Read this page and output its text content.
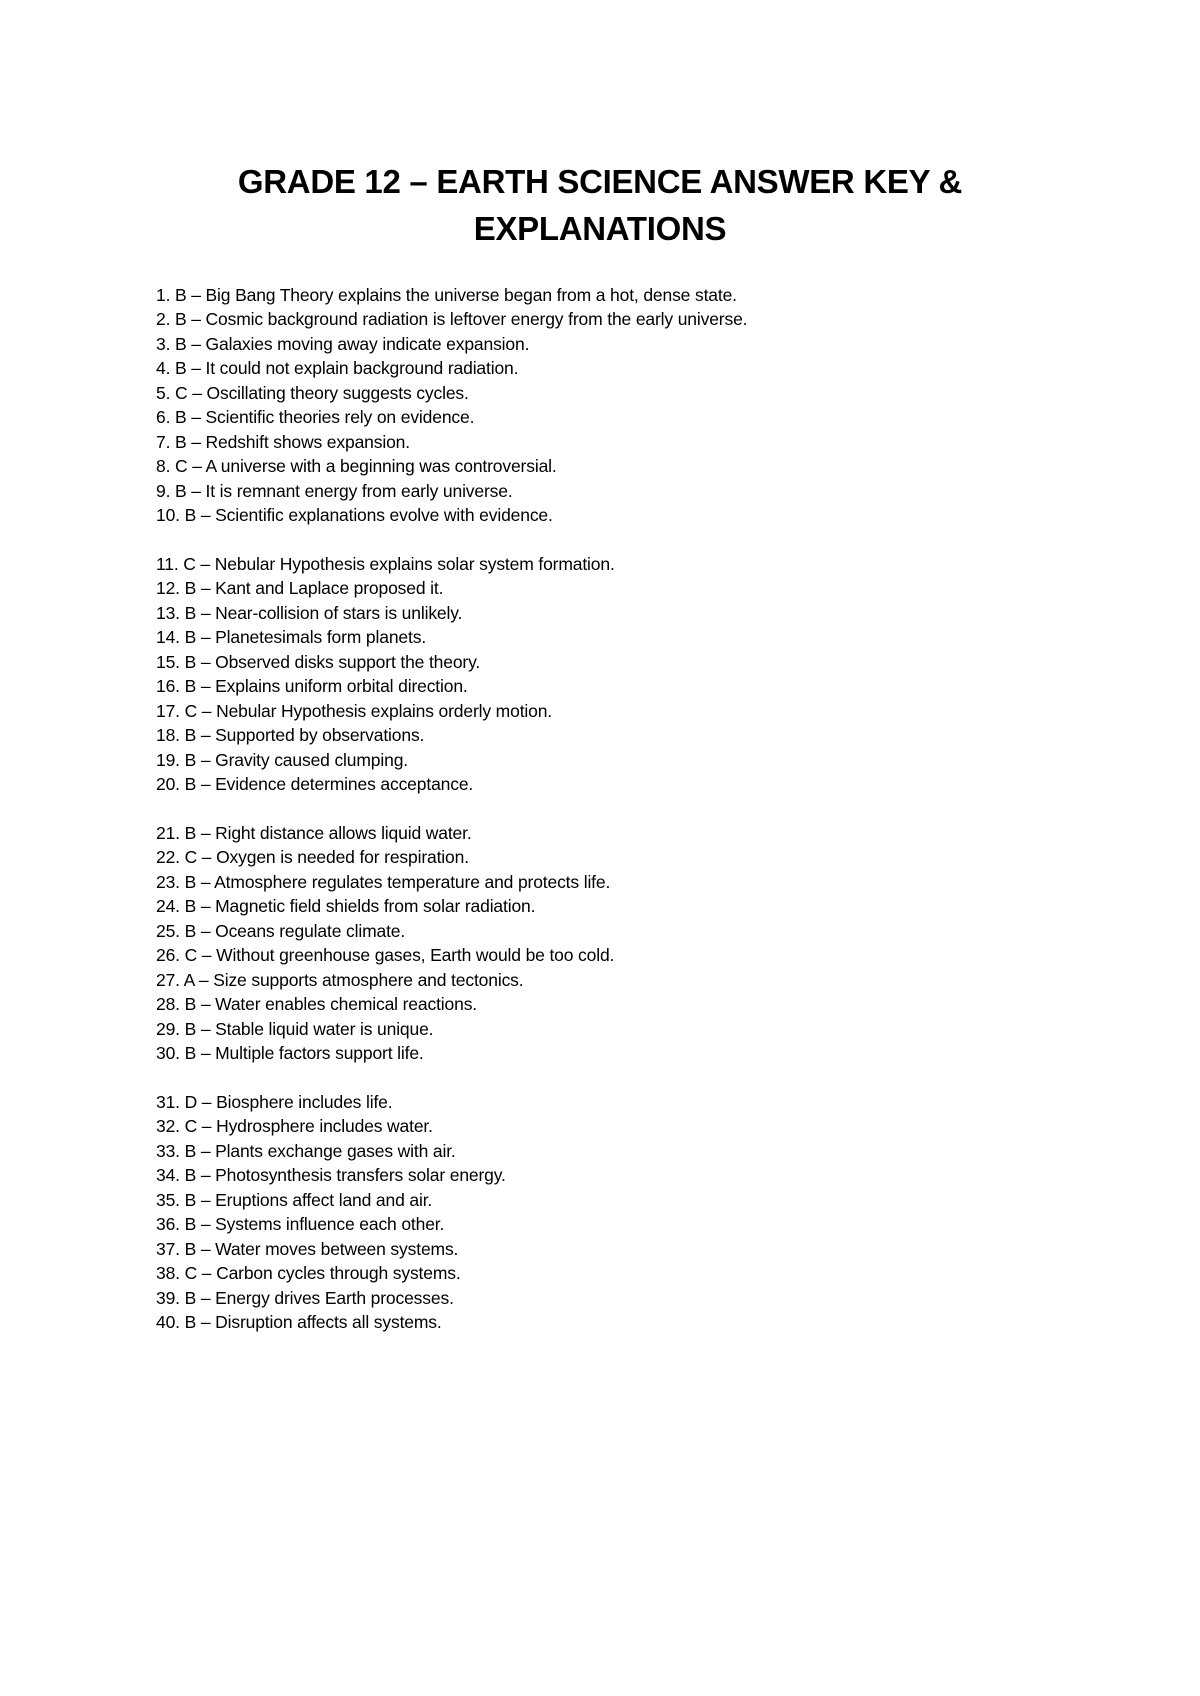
GRADE 12 – EARTH SCIENCE ANSWER KEY &
EXPLANATIONS
1. B – Big Bang Theory explains the universe began from a hot, dense state.
2. B – Cosmic background radiation is leftover energy from the early universe.
3. B – Galaxies moving away indicate expansion.
4. B – It could not explain background radiation.
5. C – Oscillating theory suggests cycles.
6. B – Scientific theories rely on evidence.
7. B – Redshift shows expansion.
8. C – A universe with a beginning was controversial.
9. B – It is remnant energy from early universe.
10. B – Scientific explanations evolve with evidence.
11. C – Nebular Hypothesis explains solar system formation.
12. B – Kant and Laplace proposed it.
13. B – Near-collision of stars is unlikely.
14. B – Planetesimals form planets.
15. B – Observed disks support the theory.
16. B – Explains uniform orbital direction.
17. C – Nebular Hypothesis explains orderly motion.
18. B – Supported by observations.
19. B – Gravity caused clumping.
20. B – Evidence determines acceptance.
21. B – Right distance allows liquid water.
22. C – Oxygen is needed for respiration.
23. B – Atmosphere regulates temperature and protects life.
24. B – Magnetic field shields from solar radiation.
25. B – Oceans regulate climate.
26. C – Without greenhouse gases, Earth would be too cold.
27. A – Size supports atmosphere and tectonics.
28. B – Water enables chemical reactions.
29. B – Stable liquid water is unique.
30. B – Multiple factors support life.
31. D – Biosphere includes life.
32. C – Hydrosphere includes water.
33. B – Plants exchange gases with air.
34. B – Photosynthesis transfers solar energy.
35. B – Eruptions affect land and air.
36. B – Systems influence each other.
37. B – Water moves between systems.
38. C – Carbon cycles through systems.
39. B – Energy drives Earth processes.
40. B – Disruption affects all systems.
